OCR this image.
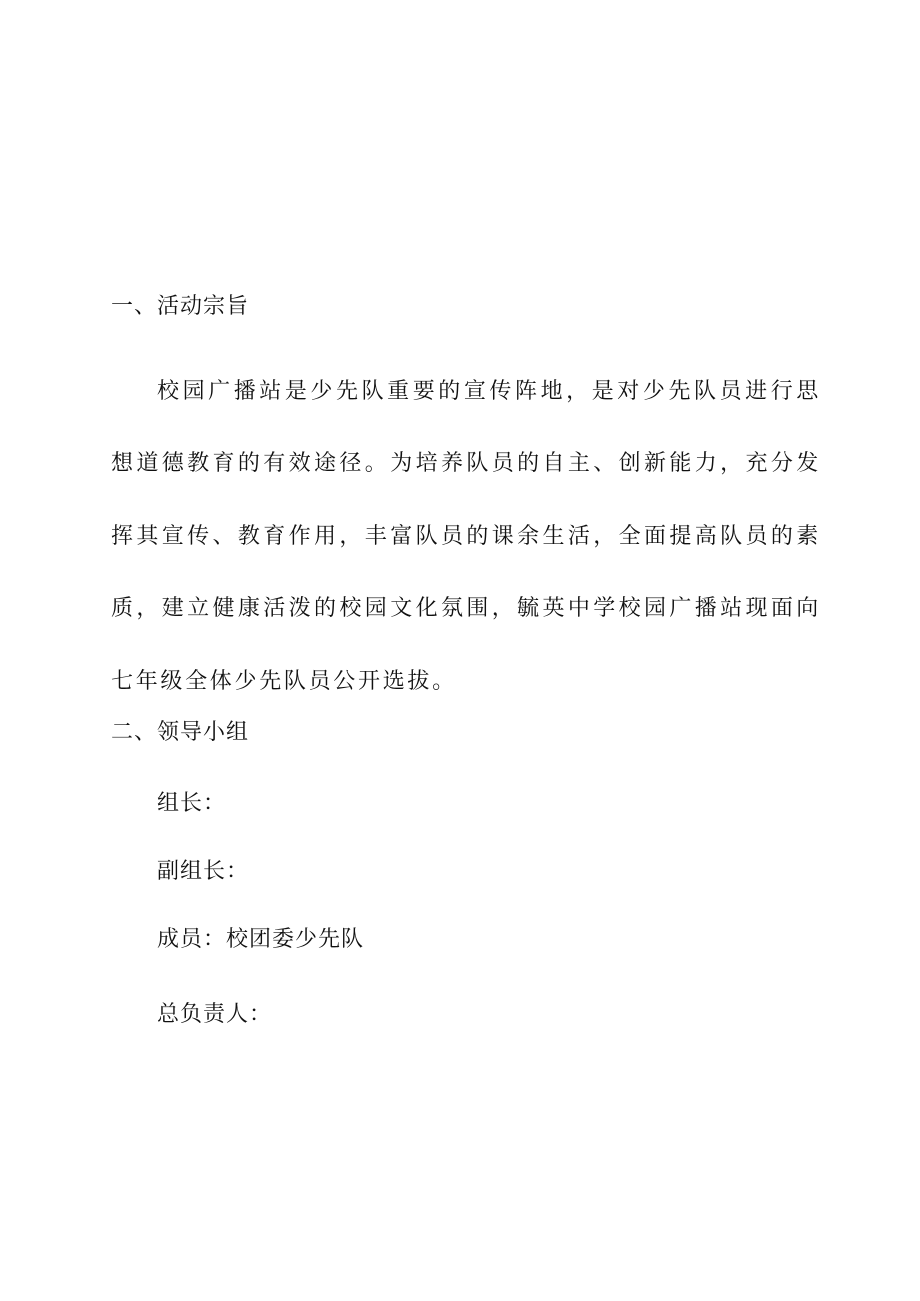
一、活动宗旨
校园广播站是少先队重要的宣传阵地，是对少先队员进行思想道德教育的有效途径。为培养队员的自主、创新能力，充分发挥其宣传、教育作用，丰富队员的课余生活，全面提高队员的素质，建立健康活泼的校园文化氛围，毓英中学校园广播站现面向七年级全体少先队员公开选拔。
二、领导小组
组长：
副组长：
成员：校团委少先队
总负责人：
